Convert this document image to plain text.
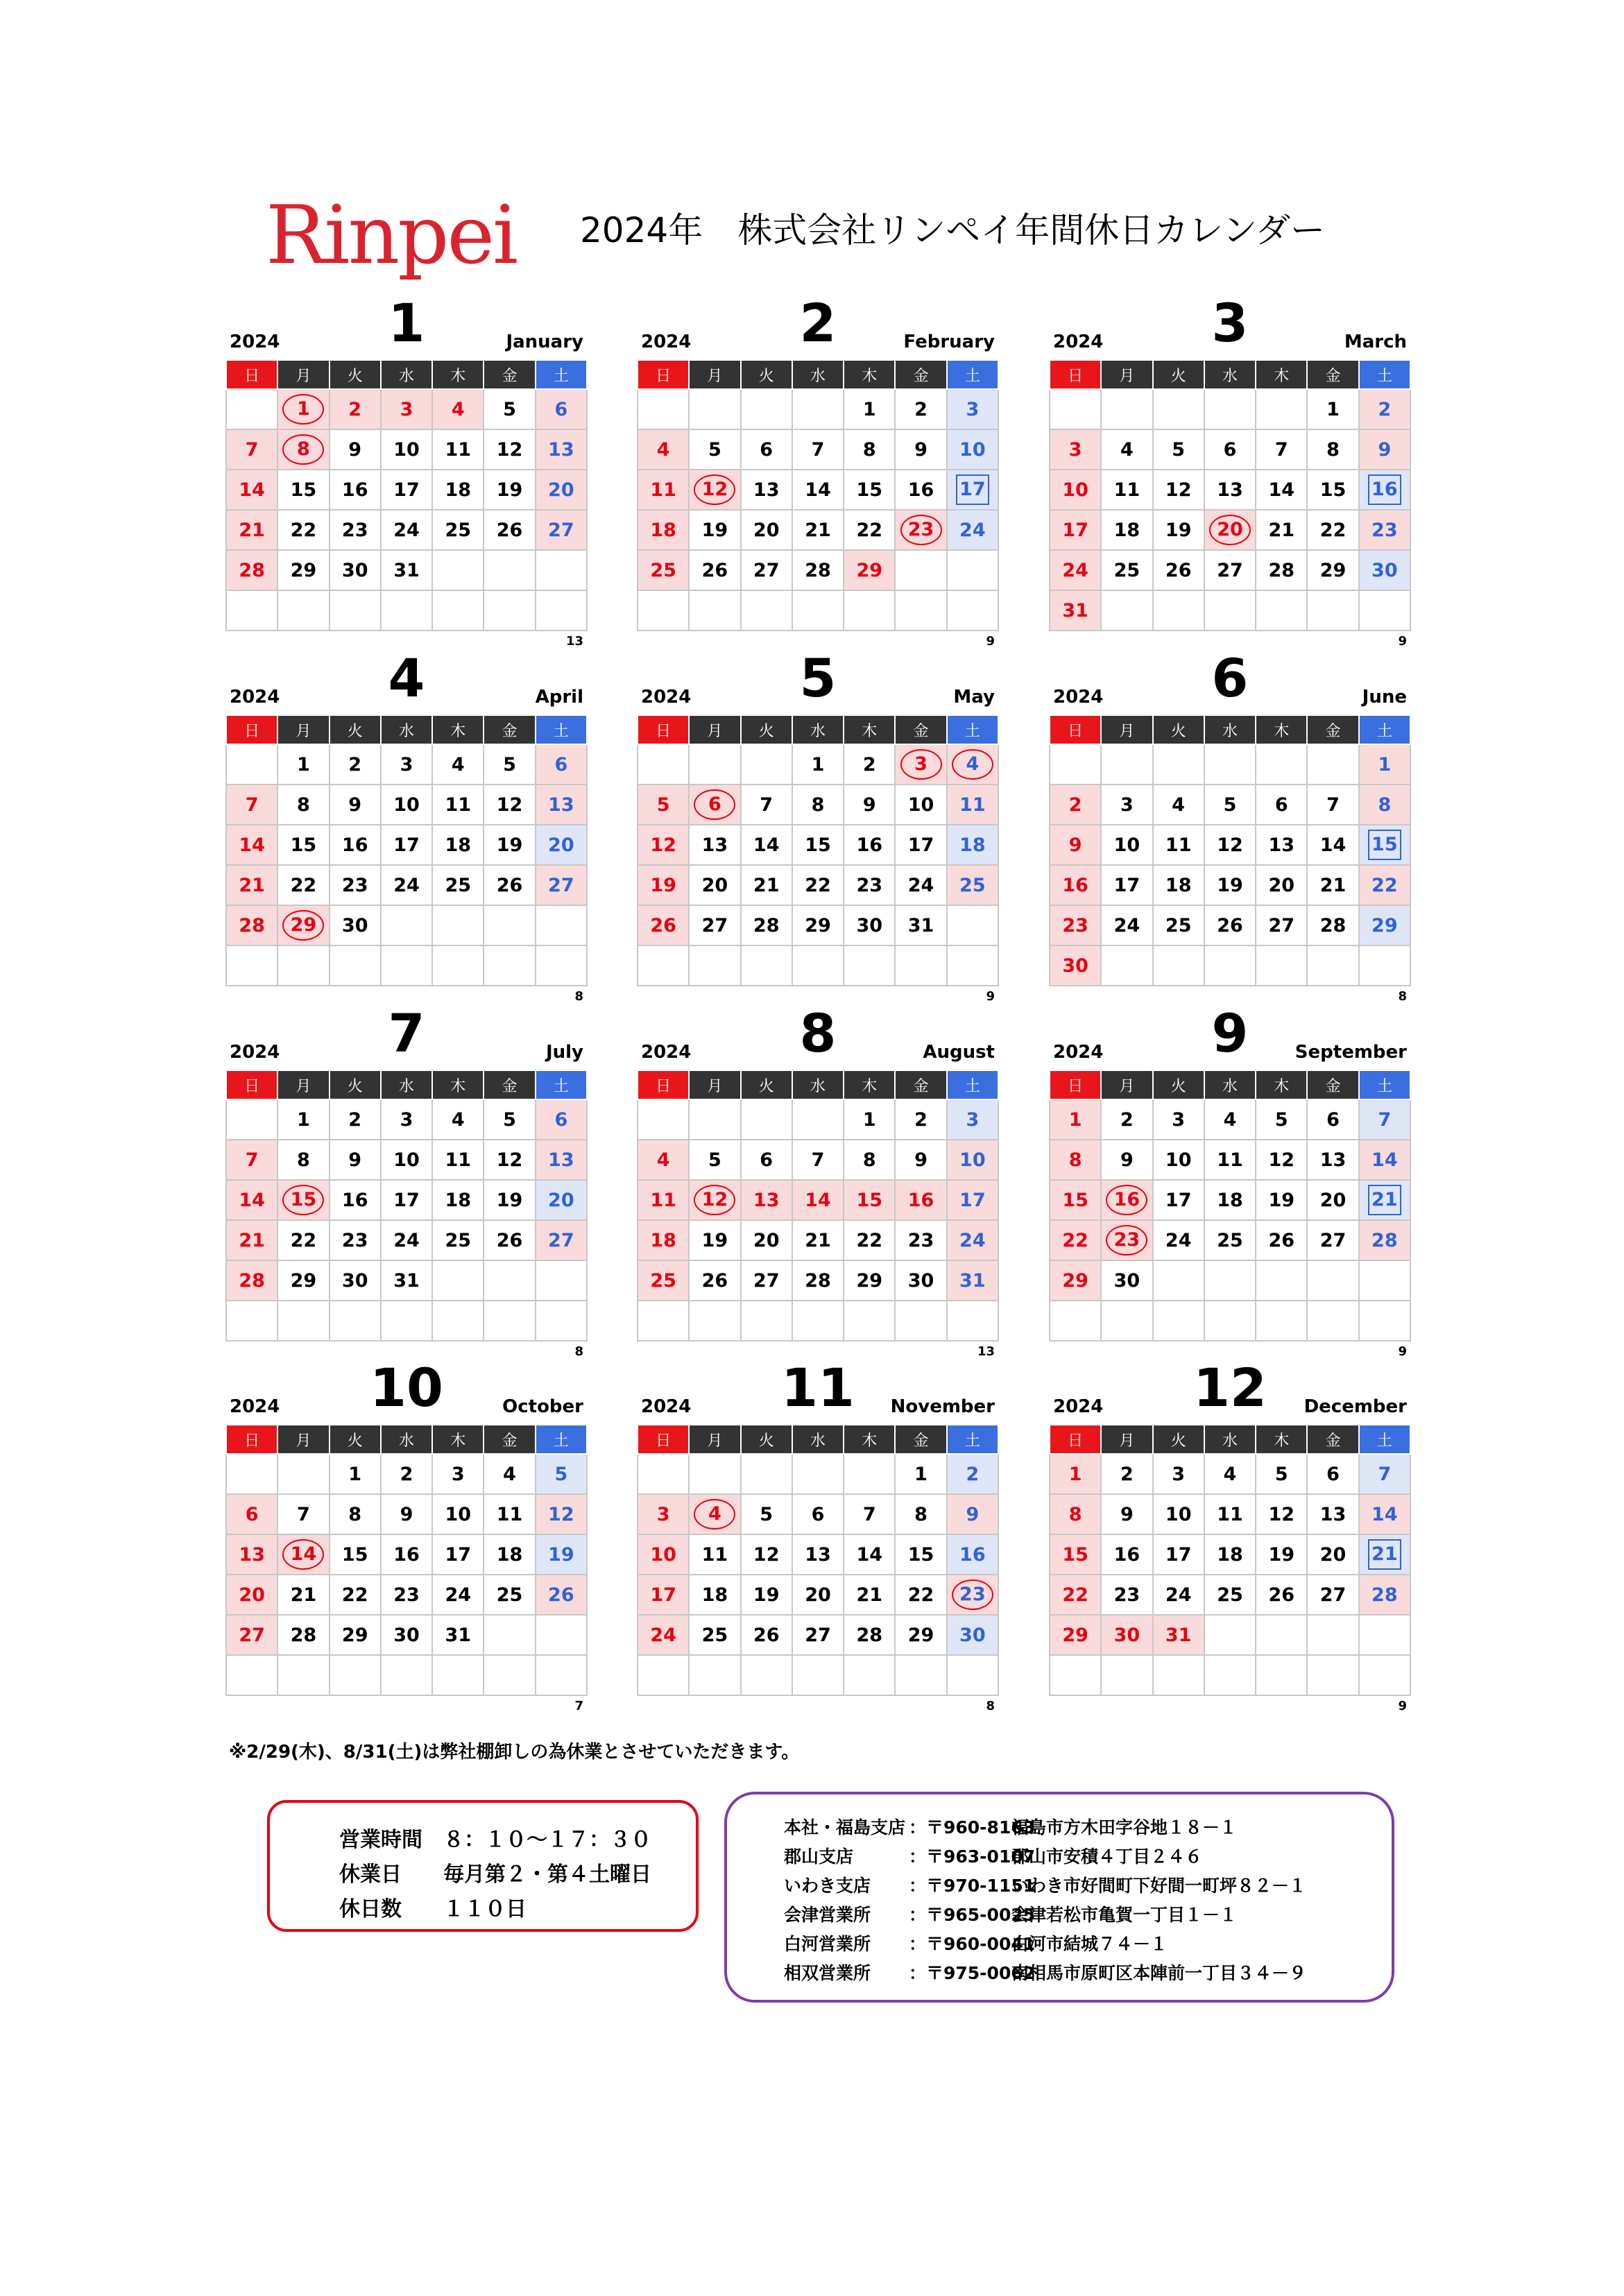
Rinpei 2024年　株式会社リンペイ年間休日カレンダー
1
2024	January
日	月	火	水	木	金	土
	1	2	3	4	5	6
7	8	9	10	11	12	13
14	15	16	17	18	19	20
21	22	23	24	25	26	27
28	29	30	31			

13
2
2024	February
日	月	火	水	木	金	土
				1	2	3
4	5	6	7	8	9	10
11	12	13	14	15	16	17
18	19	20	21	22	23	24
25	26	27	28	29		

9
3
2024	March
日	月	火	水	木	金	土
					1	2
3	4	5	6	7	8	9
10	11	12	13	14	15	16
17	18	19	20	21	22	23
24	25	26	27	28	29	30
31						
9
4
2024	April
日	月	火	水	木	金	土
	1	2	3	4	5	6
7	8	9	10	11	12	13
14	15	16	17	18	19	20
21	22	23	24	25	26	27
28	29	30				

8
5
2024	May
日	月	火	水	木	金	土
			1	2	3	4
5	6	7	8	9	10	11
12	13	14	15	16	17	18
19	20	21	22	23	24	25
26	27	28	29	30	31	

9
6
2024	June
日	月	火	水	木	金	土
						1
2	3	4	5	6	7	8
9	10	11	12	13	14	15
16	17	18	19	20	21	22
23	24	25	26	27	28	29
30						
8
7
2024	July
日	月	火	水	木	金	土
	1	2	3	4	5	6
7	8	9	10	11	12	13
14	15	16	17	18	19	20
21	22	23	24	25	26	27
28	29	30	31			

8
8
2024	August
日	月	火	水	木	金	土
				1	2	3
4	5	6	7	8	9	10
11	12	13	14	15	16	17
18	19	20	21	22	23	24
25	26	27	28	29	30	31

13
9
2024	September
日	月	火	水	木	金	土
1	2	3	4	5	6	7
8	9	10	11	12	13	14
15	16	17	18	19	20	21
22	23	24	25	26	27	28
29	30					

9
10
2024	October
日	月	火	水	木	金	土
		1	2	3	4	5
6	7	8	9	10	11	12
13	14	15	16	17	18	19
20	21	22	23	24	25	26
27	28	29	30	31		

7
11
2024	November
日	月	火	水	木	金	土
					1	2
3	4	5	6	7	8	9
10	11	12	13	14	15	16
17	18	19	20	21	22	23
24	25	26	27	28	29	30

8
12
2024	December
日	月	火	水	木	金	土
1	2	3	4	5	6	7
8	9	10	11	12	13	14
15	16	17	18	19	20	21
22	23	24	25	26	27	28
29	30	31				

9
※2/29(木)、8/31(土)は弊社棚卸しの為休業とさせていただきます。
営業時間 ８：１０～１７：３０
休業日 毎月第２・第４土曜日
休日数 １１０日
本社・福島支店 ：〒960-8163福島市方木田字谷地１８－１
郡山支店	：〒963-0107郡山市安積４丁目２４６
いわき支店 ：〒970-1151いわき市好間町下好間一町坪８２－１
会津営業所 ：〒965-0025会津若松市亀賀一丁目１－１
白河営業所 ：〒960-0041白河市結城７４－１
相双営業所 ：〒975-0062南相馬市原町区本陣前一丁目３４－９
